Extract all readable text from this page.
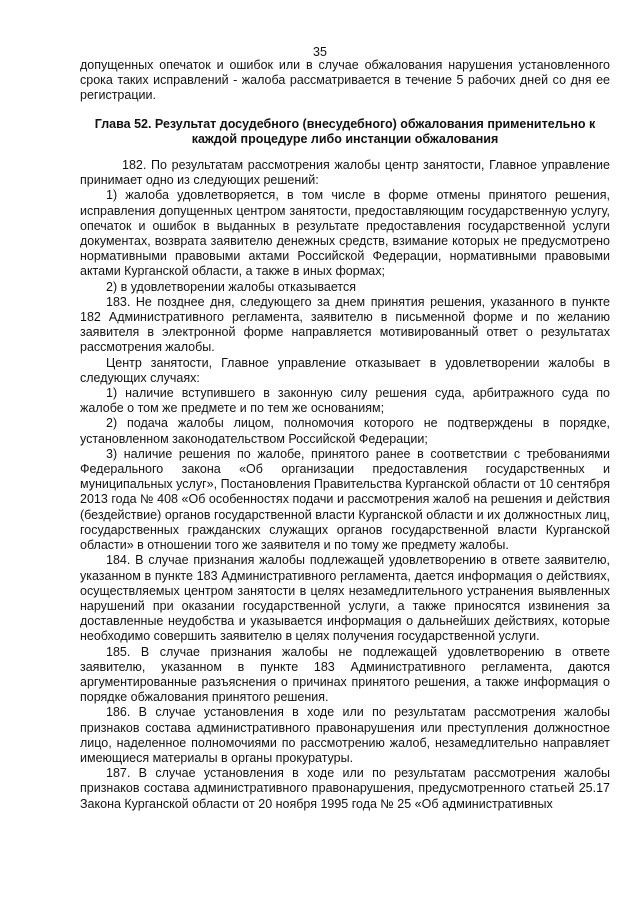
35

допущенных опечаток и ошибок или в случае обжалования нарушения установленного срока таких исправлений - жалоба рассматривается в течение 5 рабочих дней со дня ее регистрации.

Глава 52. Результат досудебного (внесудебного) обжалования применительно к каждой процедуре либо инстанции обжалования

182. По результатам рассмотрения жалобы центр занятости, Главное управление принимает одно из следующих решений:

1) жалоба удовлетворяется, в том числе в форме отмены принятого решения, исправления допущенных центром занятости, предоставляющим государственную услугу, опечаток и ошибок в выданных в результате предоставления государственной услуги документах, возврата заявителю денежных средств, взимание которых не предусмотрено нормативными правовыми актами Российской Федерации, нормативными правовыми актами Курганской области, а также в иных формах;

2) в удовлетворении жалобы отказывается

183. Не позднее дня, следующего за днем принятия решения, указанного в пункте 182 Административного регламента, заявителю в письменной форме и по желанию заявителя в электронной форме направляется мотивированный ответ о результатах рассмотрения жалобы.

Центр занятости, Главное управление отказывает в удовлетворении жалобы в следующих случаях:

1) наличие вступившего в законную силу решения суда, арбитражного суда по жалобе о том же предмете и по тем же основаниям;

2) подача жалобы лицом, полномочия которого не подтверждены в порядке, установленном законодательством Российской Федерации;

3) наличие решения по жалобе, принятого ранее в соответствии с требованиями Федерального закона «Об организации предоставления государственных и муниципальных услуг», Постановления Правительства Курганской области от 10 сентября 2013 года № 408 «Об особенностях подачи и рассмотрения жалоб на решения и действия (бездействие) органов государственной власти Курганской области и их должностных лиц, государственных гражданских служащих органов государственной власти Курганской области» в отношении того же заявителя и по тому же предмету жалобы.

184. В случае признания жалобы подлежащей удовлетворению в ответе заявителю, указанном в пункте 183 Административного регламента, дается информация о действиях, осуществляемых центром занятости в целях незамедлительного устранения выявленных нарушений при оказании государственной услуги, а также приносятся извинения за доставленные неудобства и указывается информация о дальнейших действиях, которые необходимо совершить заявителю в целях получения государственной услуги.

185. В случае признания жалобы не подлежащей удовлетворению в ответе заявителю, указанном в пункте 183 Административного регламента, даются аргументированные разъяснения о причинах принятого решения, а также информация о порядке обжалования принятого решения.

186. В случае установления в ходе или по результатам рассмотрения жалобы признаков состава административного правонарушения или преступления должностное лицо, наделенное полномочиями по рассмотрению жалоб, незамедлительно направляет имеющиеся материалы в органы прокуратуры.

187. В случае установления в ходе или по результатам рассмотрения жалобы признаков состава административного правонарушения, предусмотренного статьей 25.17 Закона Курганской области от 20 ноября 1995 года № 25 «Об административных
